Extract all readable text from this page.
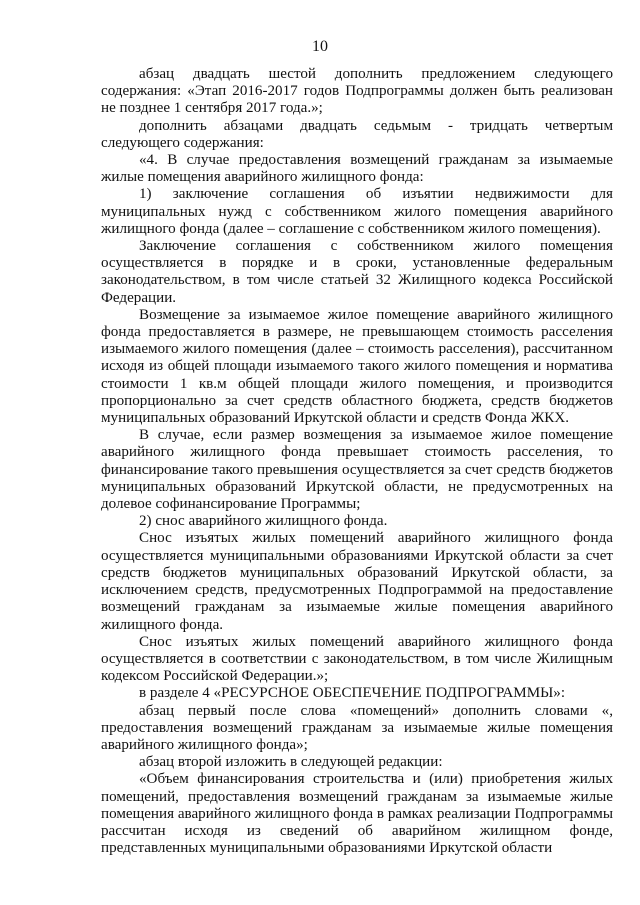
10

абзац двадцать шестой дополнить предложением следующего содержания: «Этап 2016-2017 годов Подпрограммы должен быть реализован не позднее 1 сентября 2017 года.»;

дополнить абзацами двадцать седьмым - тридцать четвертым следующего содержания:

«4. В случае предоставления возмещений гражданам за изымаемые жилые помещения аварийного жилищного фонда:

1) заключение соглашения об изъятии недвижимости для муниципальных нужд с собственником жилого помещения аварийного жилищного фонда (далее – соглашение с собственником жилого помещения).

Заключение соглашения с собственником жилого помещения осуществляется в порядке и в сроки, установленные федеральным законодательством, в том числе статьей 32 Жилищного кодекса Российской Федерации.

Возмещение за изымаемое жилое помещение аварийного жилищного фонда предоставляется в размере, не превышающем стоимость расселения изымаемого жилого помещения (далее – стоимость расселения), рассчитанном исходя из общей площади изымаемого такого жилого помещения и норматива стоимости 1 кв.м общей площади жилого помещения, и производится пропорционально за счет средств областного бюджета, средств бюджетов муниципальных образований Иркутской области и средств Фонда ЖКХ.

В случае, если размер возмещения за изымаемое жилое помещение аварийного жилищного фонда превышает стоимость расселения, то финансирование такого превышения осуществляется за счет средств бюджетов муниципальных образований Иркутской области, не предусмотренных на долевое софинансирование Программы;

2) снос аварийного жилищного фонда.

Снос изъятых жилых помещений аварийного жилищного фонда осуществляется муниципальными образованиями Иркутской области за счет средств бюджетов муниципальных образований Иркутской области, за исключением средств, предусмотренных Подпрограммой на предоставление возмещений гражданам за изымаемые жилые помещения аварийного жилищного фонда.

Снос изъятых жилых помещений аварийного жилищного фонда осуществляется в соответствии с законодательством, в том числе Жилищным кодексом Российской Федерации.»;

в разделе 4 «РЕСУРСНОЕ ОБЕСПЕЧЕНИЕ ПОДПРОГРАММЫ»:

абзац первый после слова «помещений» дополнить словами «, предоставления возмещений гражданам за изымаемые жилые помещения аварийного жилищного фонда»;

абзац второй изложить в следующей редакции:

«Объем финансирования строительства и (или) приобретения жилых помещений, предоставления возмещений гражданам за изымаемые жилые помещения аварийного жилищного фонда в рамках реализации Подпрограммы рассчитан исходя из сведений об аварийном жилищном фонде, представленных муниципальными образованиями Иркутской области
